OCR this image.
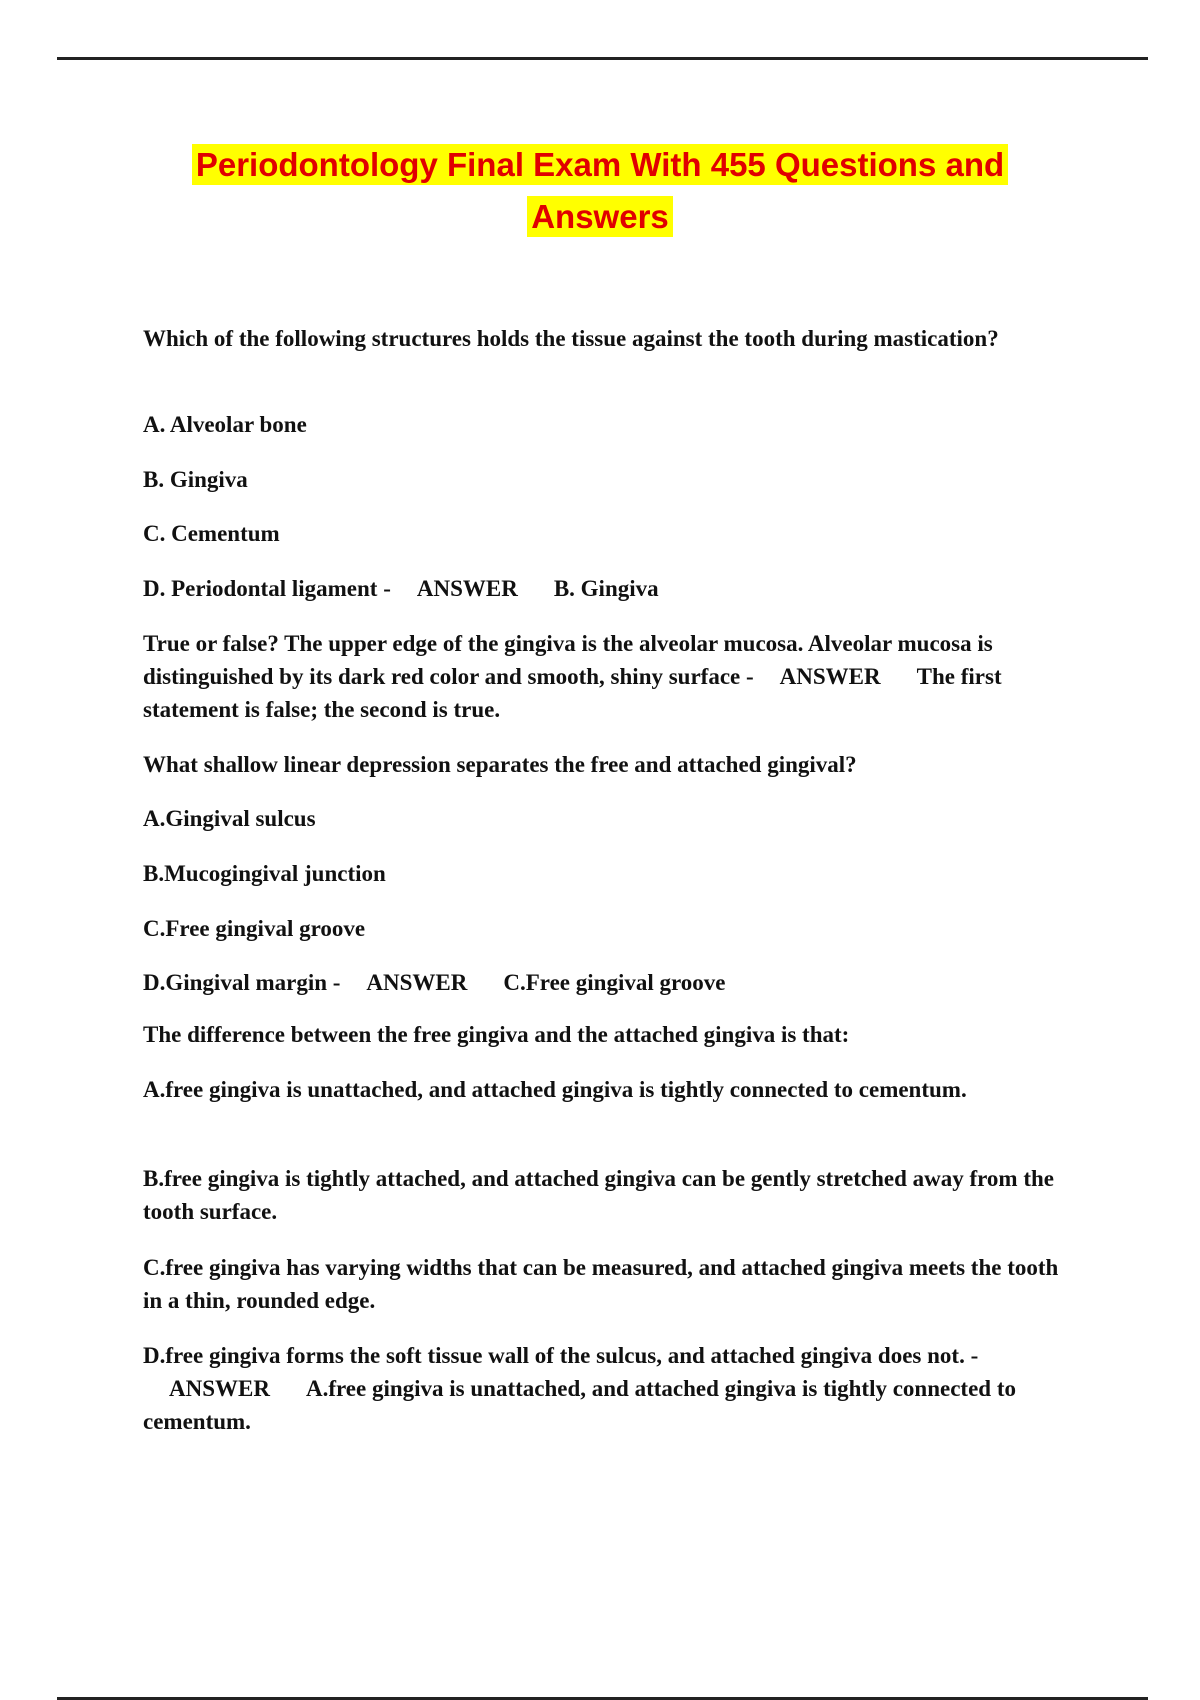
Periodontology Final Exam With 455 Questions and
Answers
Which of the following structures holds the tissue against the tooth during mastication?
A. Alveolar bone
B. Gingiva
C. Cementum
D. Periodontal ligament - ANSWER B. Gingiva
True or false? The upper edge of the gingiva is the alveolar mucosa. Alveolar mucosa is distinguished by its dark red color and smooth, shiny surface - ANSWER The first statement is false; the second is true.
What shallow linear depression separates the free and attached gingival?
A.Gingival sulcus
B.Mucogingival junction
C.Free gingival groove
D.Gingival margin - ANSWER C.Free gingival groove
The difference between the free gingiva and the attached gingiva is that:
A.free gingiva is unattached, and attached gingiva is tightly connected to cementum.
B.free gingiva is tightly attached, and attached gingiva can be gently stretched away from the tooth surface.
C.free gingiva has varying widths that can be measured, and attached gingiva meets the tooth in a thin, rounded edge.
D.free gingiva forms the soft tissue wall of the sulcus, and attached gingiva does not. -ANSWER A.free gingiva is unattached, and attached gingiva is tightly connected to cementum.
